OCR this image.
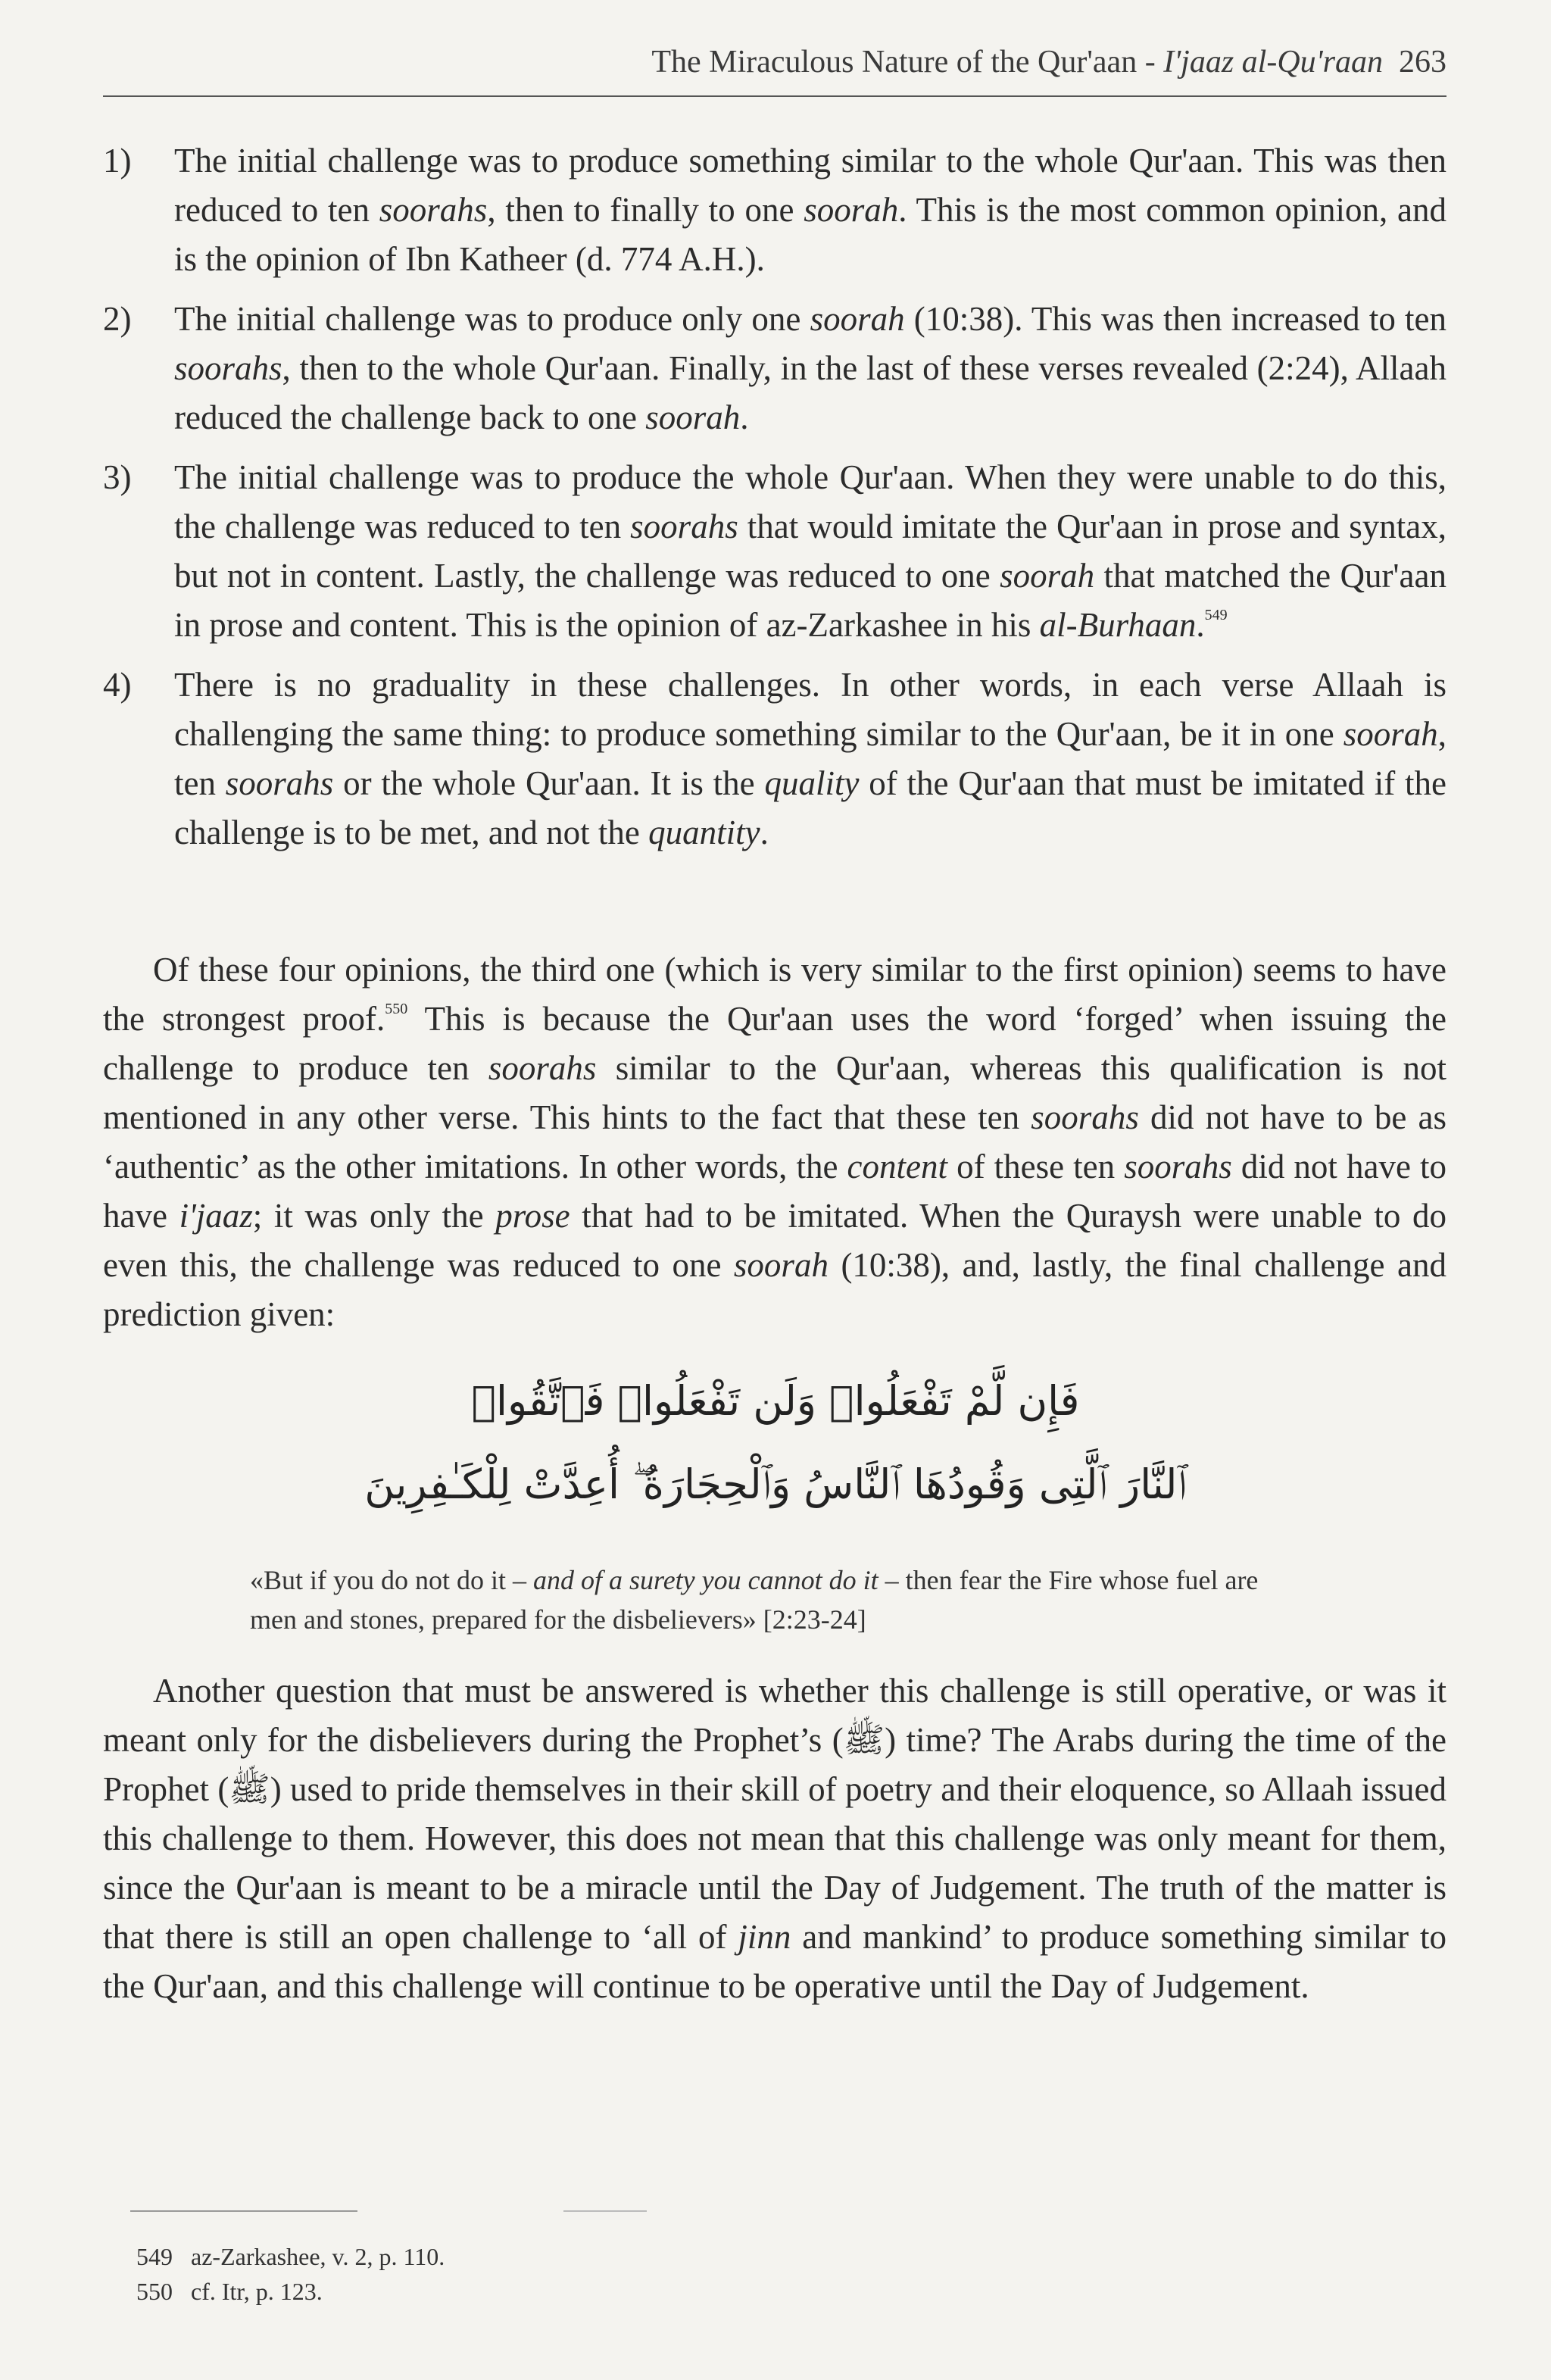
The Miraculous Nature of the Qur'aan - I'jaaz al-Qu'raan 263
1)	The initial challenge was to produce something similar to the whole Qur'aan. This was then reduced to ten soorahs, then to finally to one soorah. This is the most common opinion, and is the opinion of Ibn Katheer (d. 774 A.H.).
2)	The initial challenge was to produce only one soorah (10:38). This was then increased to ten soorahs, then to the whole Qur'aan. Finally, in the last of these verses revealed (2:24), Allaah reduced the challenge back to one soorah.
3)	The initial challenge was to produce the whole Qur'aan. When they were unable to do this, the challenge was reduced to ten soorahs that would imitate the Qur'aan in prose and syntax, but not in content. Lastly, the challenge was reduced to one soorah that matched the Qur'aan in prose and content. This is the opinion of az-Zarkashee in his al-Burhaan.$^{549}$
4)	There is no graduality in these challenges. In other words, in each verse Allaah is challenging the same thing: to produce something similar to the Qur'aan, be it in one soorah, ten soorahs or the whole Qur'aan. It is the quality of the Qur'aan that must be imitated if the challenge is to be met, and not the quantity.
Of these four opinions, the third one (which is very similar to the first opinion) seems to have the strongest proof.$^{550}$ This is because the Qur'aan uses the word ‘forged’ when issuing the challenge to produce ten soorahs similar to the Qur'aan, whereas this qualification is not mentioned in any other verse. This hints to the fact that these ten soorahs did not have to be as ‘authentic’ as the other imitations. In other words, the content of these ten soorahs did not have to have i'jaaz; it was only the prose that had to be imitated. When the Quraysh were unable to do even this, the challenge was reduced to one soorah (10:38), and, lastly, the final challenge and prediction given:
فَإِن لَّمْ تَفْعَلُوا۟ وَلَن تَفْعَلُوا۟ فَٱتَّقُوا۟
ٱلنَّارَ ٱلَّتِى وَقُودُهَا ٱلنَّاسُ وَٱلْحِجَارَةُ ۖ أُعِدَّتْ لِلْكَـٰفِرِينَ
«But if you do not do it – and of a surety you cannot do it – then fear the Fire whose fuel are men and stones, prepared for the disbelievers» [2:23-24]
Another question that must be answered is whether this challenge is still operative, or was it meant only for the disbelievers during the Prophet’s (ﷺ) time? The Arabs during the time of the Prophet (ﷺ) used to pride themselves in their skill of poetry and their eloquence, so Allaah issued this challenge to them. However, this does not mean that this challenge was only meant for them, since the Qur'aan is meant to be a miracle until the Day of Judgement. The truth of the matter is that there is still an open challenge to ‘all of jinn and mankind’ to produce something similar to the Qur'aan, and this challenge will continue to be operative until the Day of Judgement.
549 az-Zarkashee, v. 2, p. 110.
550 cf. Itr, p. 123.
